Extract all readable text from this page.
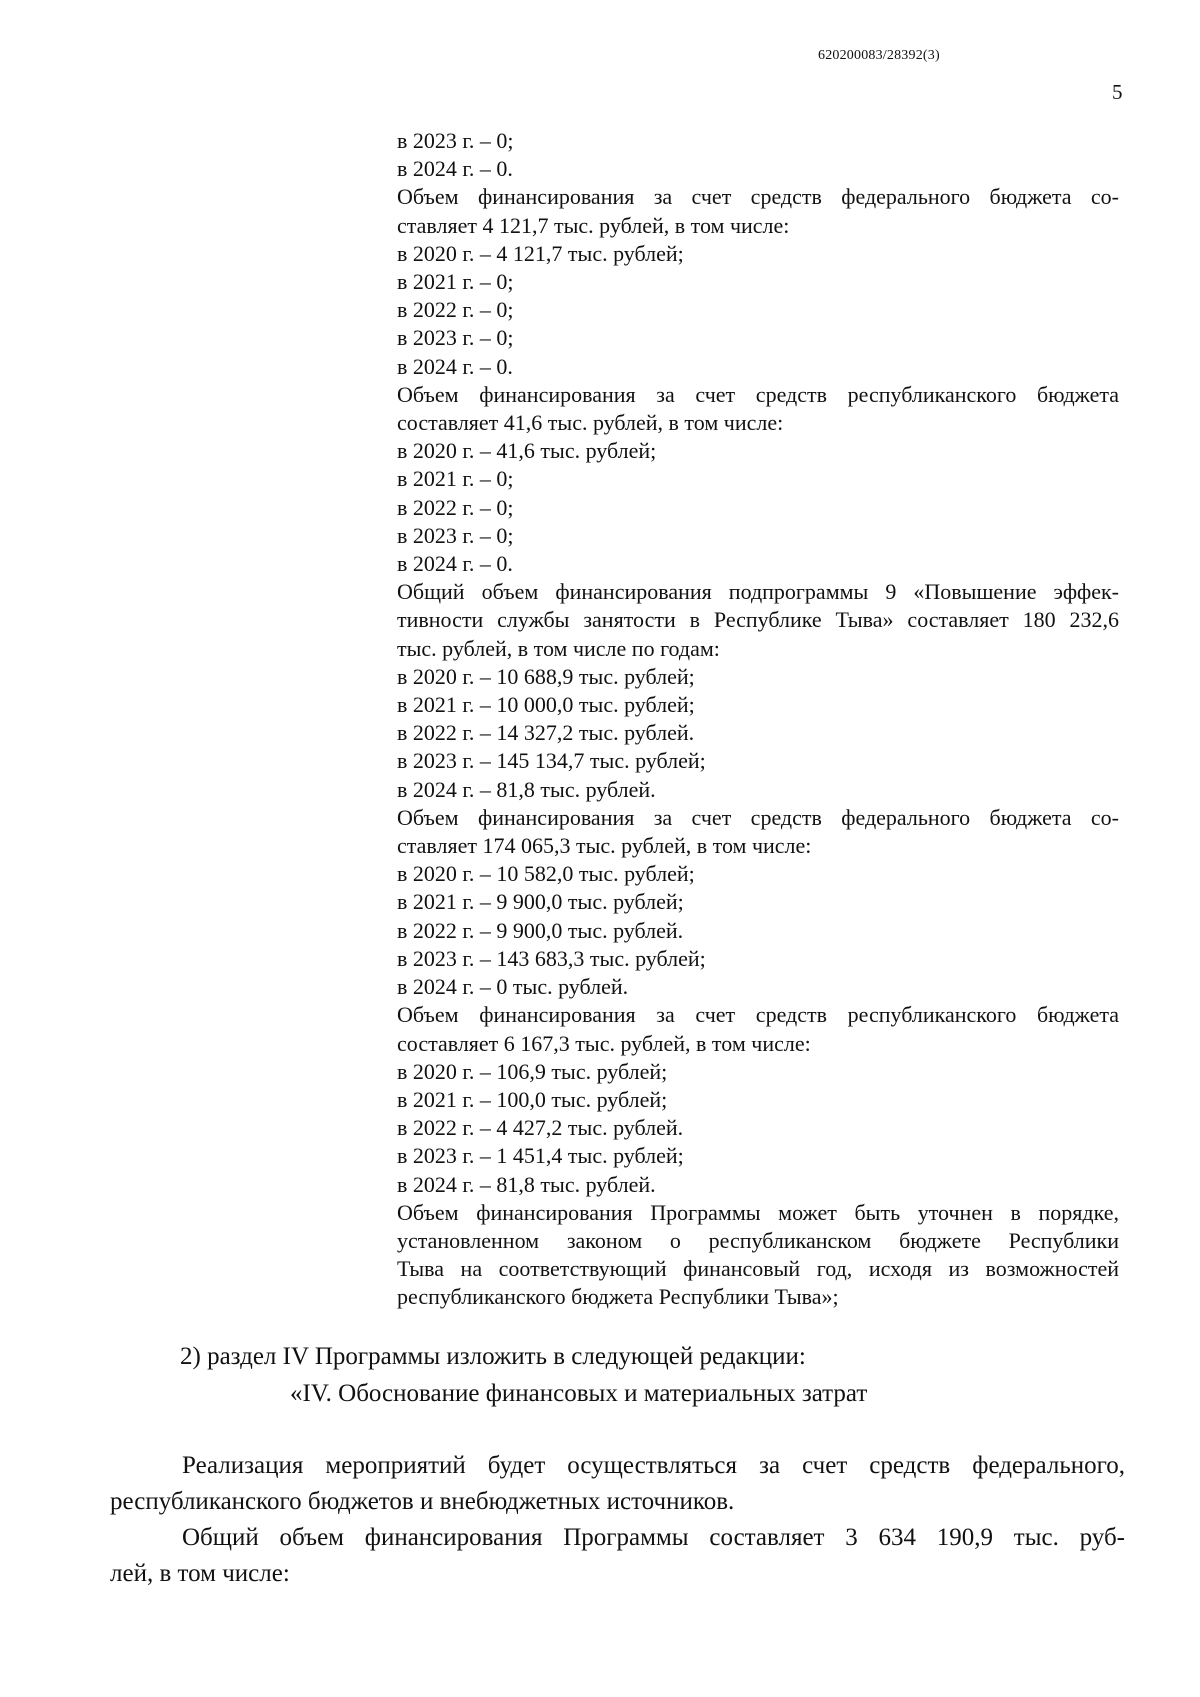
620200083/28392(3)
5
в 2023 г. – 0;
в 2024 г. – 0.
Объем финансирования за счет средств федерального бюджета со-
ставляет 4 121,7 тыс. рублей, в том числе:
в 2020 г. – 4 121,7 тыс. рублей;
в 2021 г. – 0;
в 2022 г. – 0;
в 2023 г. – 0;
в 2024 г. – 0.
Объем финансирования за счет средств республиканского бюджета
составляет 41,6 тыс. рублей, в том числе:
в 2020 г. – 41,6 тыс. рублей;
в 2021 г. – 0;
в 2022 г. – 0;
в 2023 г. – 0;
в 2024 г. – 0.
Общий объем финансирования подпрограммы 9 «Повышение эффек-
тивности службы занятости в Республике Тыва» составляет 180 232,6
тыс. рублей, в том числе по годам:
в 2020 г. – 10 688,9 тыс. рублей;
в 2021 г. – 10 000,0 тыс. рублей;
в 2022 г. – 14 327,2 тыс. рублей.
в 2023 г. – 145 134,7 тыс. рублей;
в 2024 г. – 81,8 тыс. рублей.
Объем финансирования за счет средств федерального бюджета со-
ставляет 174 065,3 тыс. рублей, в том числе:
в 2020 г. – 10 582,0 тыс. рублей;
в 2021 г. – 9 900,0 тыс. рублей;
в 2022 г. – 9 900,0 тыс. рублей.
в 2023 г. – 143 683,3 тыс. рублей;
в 2024 г. – 0 тыс. рублей.
Объем финансирования за счет средств республиканского бюджета
составляет 6 167,3 тыс. рублей, в том числе:
в 2020 г. – 106,9 тыс. рублей;
в 2021 г. – 100,0 тыс. рублей;
в 2022 г. – 4 427,2 тыс. рублей.
в 2023 г. – 1 451,4 тыс. рублей;
в 2024 г. – 81,8 тыс. рублей.
Объем финансирования Программы может быть уточнен в порядке,
установленном законом о республиканском бюджете Республики
Тыва на соответствующий финансовый год, исходя из возможностей
республиканского бюджета Республики Тыва»;
2) раздел IV Программы изложить в следующей редакции:
«IV. Обоснование финансовых и материальных затрат
Реализация мероприятий будет осуществляться за счет средств федерального,
республиканского бюджетов и внебюджетных источников.
Общий объем финансирования Программы составляет 3 634 190,9 тыс. руб-
лей, в том числе:
